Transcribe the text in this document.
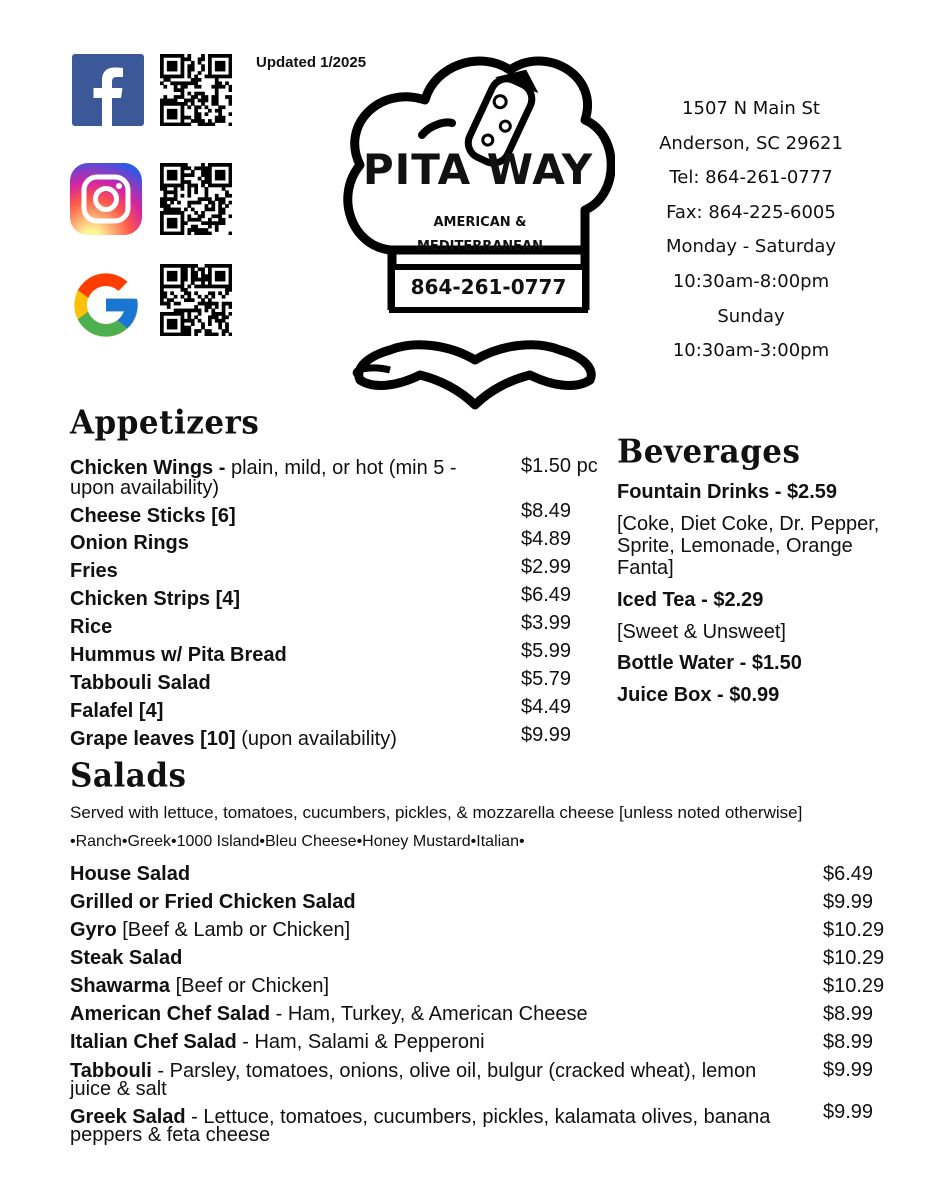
Updated 1/2025
PITA WAY
AMERICAN &
MEDITERRANEAN
864-261-0777
1507 N Main St
Anderson, SC 29621
Tel: 864-261-0777
Fax: 864-225-6005
Monday - Saturday
10:30am-8:00pm
Sunday
10:30am-3:00pm
Appetizers
Chicken Wings - plain, mild, or hot (min 5 -
upon availability)
$1.50 pc
Cheese Sticks [6]	$8.49
Onion Rings	$4.89
Fries	$2.99
Chicken Strips [4]	$6.49
Rice	$3.99
Hummus w/ Pita Bread	$5.99
Tabbouli Salad	$5.79
Falafel [4]	$4.49
Grape leaves [10] (upon availability)	$9.99
Beverages
Fountain Drinks - $2.59
[Coke, Diet Coke, Dr. Pepper, Sprite, Lemonade, Orange Fanta]
Iced Tea - $2.29
[Sweet & Unsweet]
Bottle Water - $1.50
Juice Box - $0.99
Salads
Served with lettuce, tomatoes, cucumbers, pickles, & mozzarella cheese [unless noted otherwise]
•Ranch•Greek•1000 Island•Bleu Cheese•Honey Mustard•Italian•
House Salad	$6.49
Grilled or Fried Chicken Salad	$9.99
Gyro [Beef & Lamb or Chicken]	$10.29
Steak Salad	$10.29
Shawarma [Beef or Chicken]	$10.29
American Chef Salad - Ham, Turkey, & American Cheese	$8.99
Italian Chef Salad - Ham, Salami & Pepperoni	$8.99
Tabbouli - Parsley, tomatoes, onions, olive oil, bulgur (cracked wheat), lemon
juice & salt
$9.99
Greek Salad - Lettuce, tomatoes, cucumbers, pickles, kalamata olives, banana
peppers & feta cheese
$9.99
